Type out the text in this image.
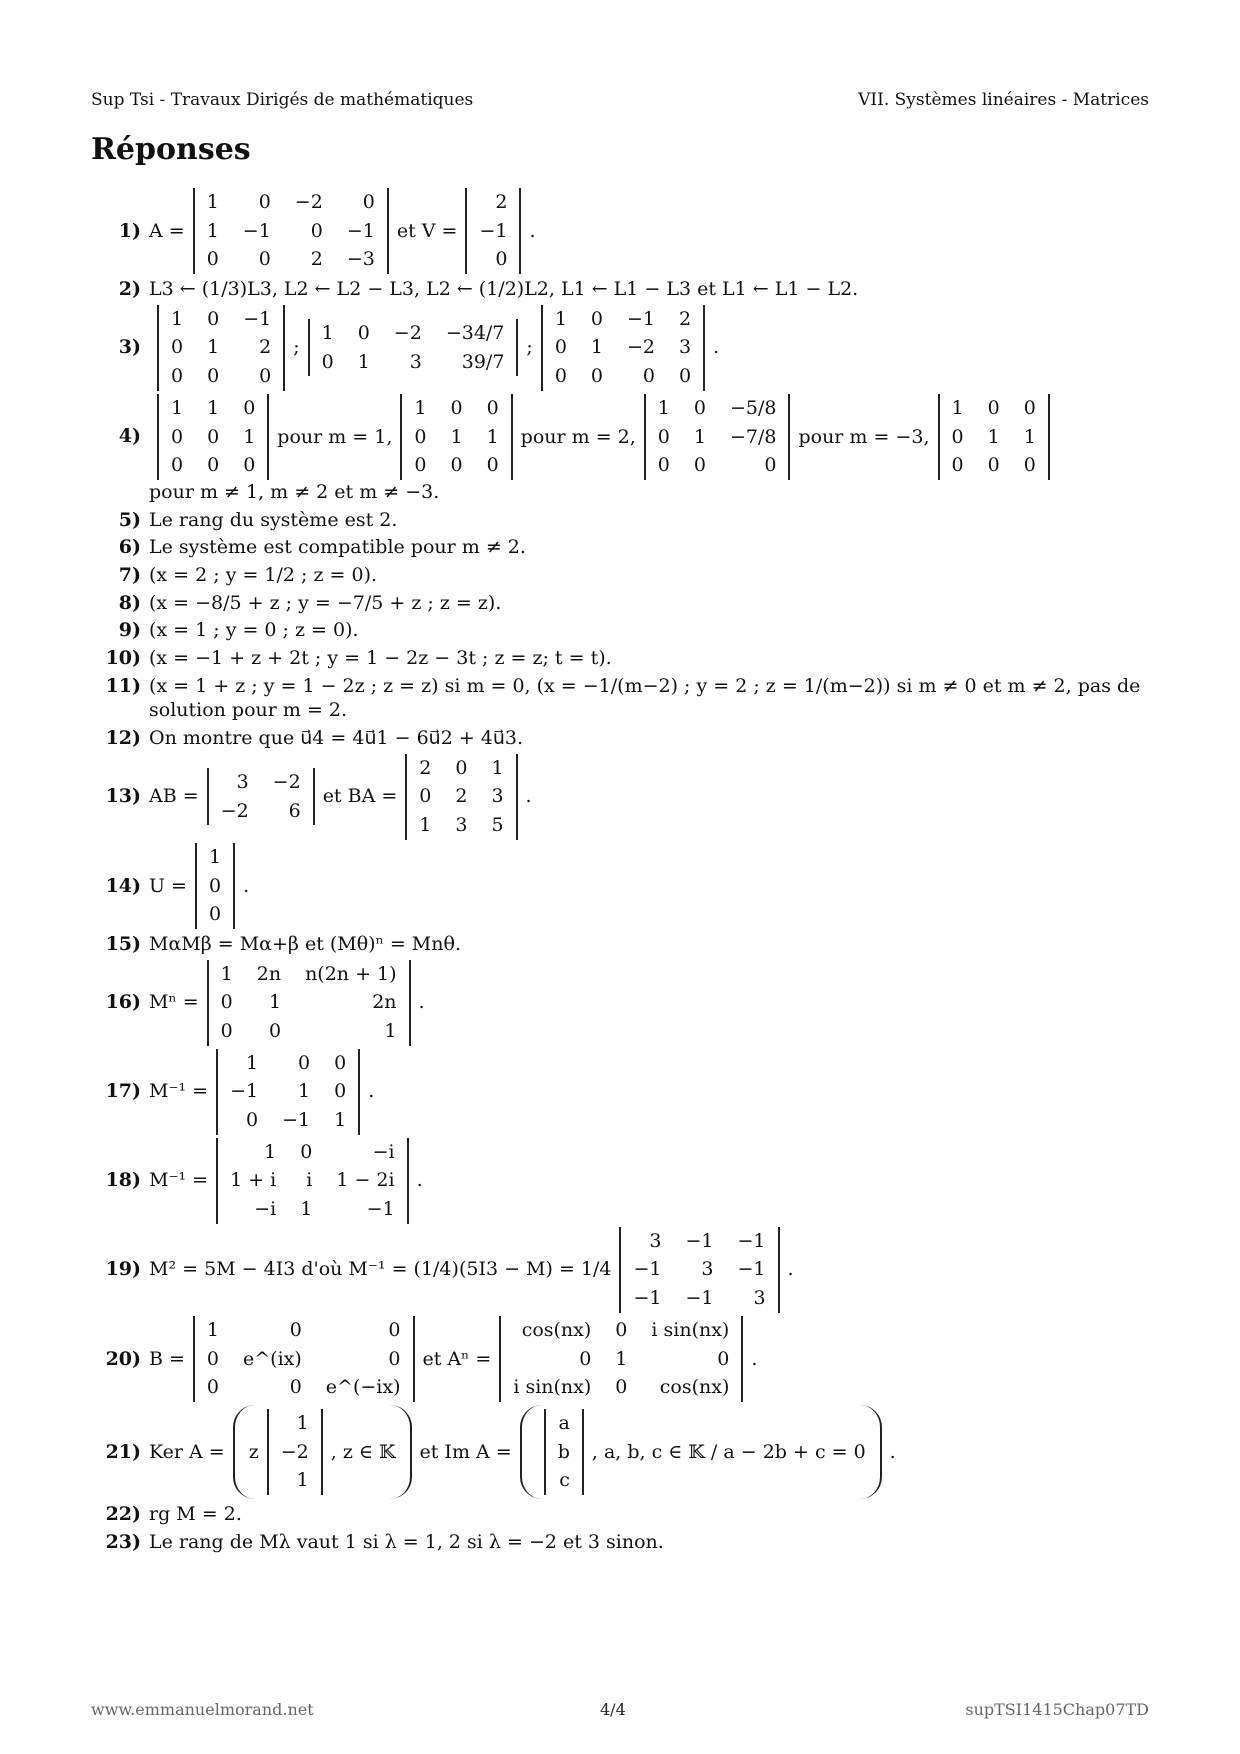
Sup Tsi - Travaux Dirigés de mathématiques	VII. Systèmes linéaires - Matrices
Réponses
1) A =
1	0	−2	0
1	−1	0	−1
0	0	2	−3
et V =
2
−1
0
.
2) L3 ← (1/3)L3, L2 ← L2 − L3, L2 ← (1/2)L2, L1 ← L1 − L3 et L1 ← L1 − L2.
3)
1	0	−1
0	1	2
0	0	0
;
1	0	−2	−34/7
0	1	3	39/7
;
1	0	−1	2
0	1	−2	3
0	0	0	0
.
4)
1	1	0
0	0	1
0	0	0
pour m = 1,
1	0	0
0	1	1
0	0	0
pour m = 2,
1	0	−5/8
0	1	−7/8
0	0	0
pour m = −3,
1	0	0
0	1	1
0	0	0
pour m ≠ 1, m ≠ 2 et m ≠ −3.
5) Le rang du système est 2.
6) Le système est compatible pour m ≠ 2.
7) (x = 2 ; y = 1/2 ; z = 0).
8) (x = −8/5 + z ; y = −7/5 + z ; z = z).
9) (x = 1 ; y = 0 ; z = 0).
10) (x = −1 + z + 2t ; y = 1 − 2z − 3t ; z = z; t = t).
11) (x = 1 + z ; y = 1 − 2z ; z = z) si m = 0, (x = −1/(m−2) ; y = 2 ; z = 1/(m−2)) si m ≠ 0 et m ≠ 2, pas de solution pour m = 2.
12) On montre que u⃗4 = 4u⃗1 − 6u⃗2 + 4u⃗3.
13) AB =
3	−2
−2	6
et BA =
2	0	1
0	2	3
1	3	5
.
14) U =
1
0
0
.
15) MαMβ = Mα+β et (Mθ)ⁿ = Mnθ.
16) Mⁿ =
1	2n	n(2n + 1)
0	1	2n
0	0	1
.
17) M⁻¹ =
1	0	0
−1	1	0
0	−1	1
.
18) M⁻¹ =
1	0	−i
1 + i	i	1 − 2i
−i	1	−1
.
19) M² = 5M − 4I3 d'où M⁻¹ = (1/4)(5I3 − M) = 1/4
3	−1	−1
−1	3	−1
−1	−1	3
.
20) B =
1	0	0
0	e^(ix)	0
0	0	e^(−ix)
et Aⁿ =
cos(nx)	0	i sin(nx)
0	1	0
i sin(nx)	0	cos(nx)
.
21) Ker A = z
1
−2
1
, z ∈ 𝕂 et Im A =
a
b
c
, a, b, c ∈ 𝕂 / a − 2b + c = 0 .
22) rg M = 2.
23) Le rang de Mλ vaut 1 si λ = 1, 2 si λ = −2 et 3 sinon.
www.emmanuelmorand.net	4/4	supTSI1415Chap07TD
